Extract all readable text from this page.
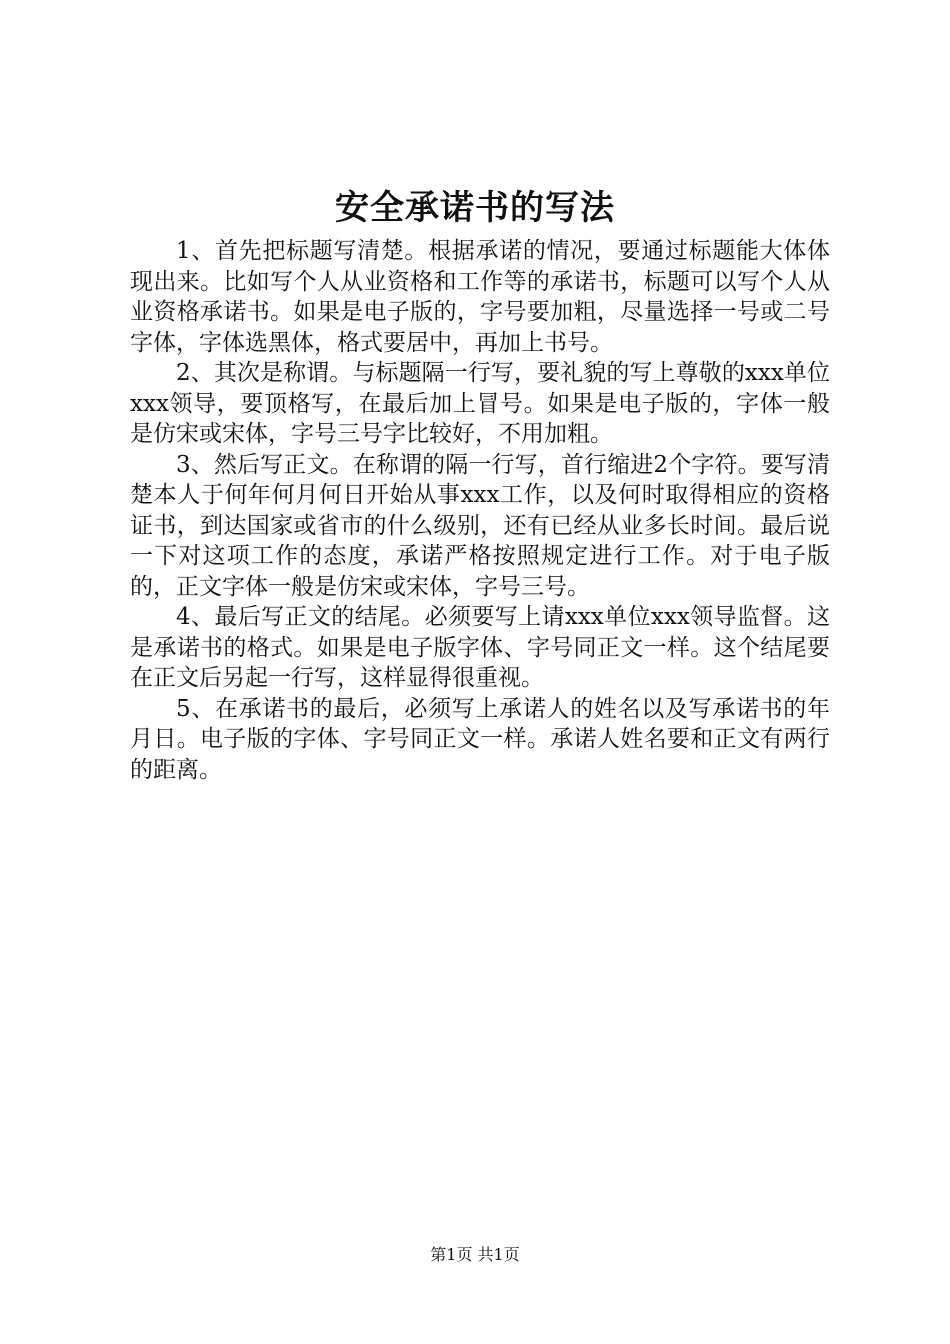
安全承诺书的写法

1、首先把标题写清楚。根据承诺的情况，要通过标题能大体体现出来。比如写个人从业资格和工作等的承诺书，标题可以写个人从业资格承诺书。如果是电子版的，字号要加粗，尽量选择一号或二号字体，字体选黑体，格式要居中，再加上书号。

2、其次是称谓。与标题隔一行写，要礼貌的写上尊敬的xxx单位xxx领导，要顶格写，在最后加上冒号。如果是电子版的，字体一般是仿宋或宋体，字号三号字比较好，不用加粗。

3、然后写正文。在称谓的隔一行写，首行缩进2个字符。要写清楚本人于何年何月何日开始从事xxx工作，以及何时取得相应的资格证书，到达国家或省市的什么级别，还有已经从业多长时间。最后说一下对这项工作的态度，承诺严格按照规定进行工作。对于电子版的，正文字体一般是仿宋或宋体，字号三号。

4、最后写正文的结尾。必须要写上请xxx单位xxx领导监督。这是承诺书的格式。如果是电子版字体、字号同正文一样。这个结尾要在正文后另起一行写，这样显得很重视。

5、在承诺书的最后，必须写上承诺人的姓名以及写承诺书的年月日。电子版的字体、字号同正文一样。承诺人姓名要和正文有两行的距离。

第1页 共1页
